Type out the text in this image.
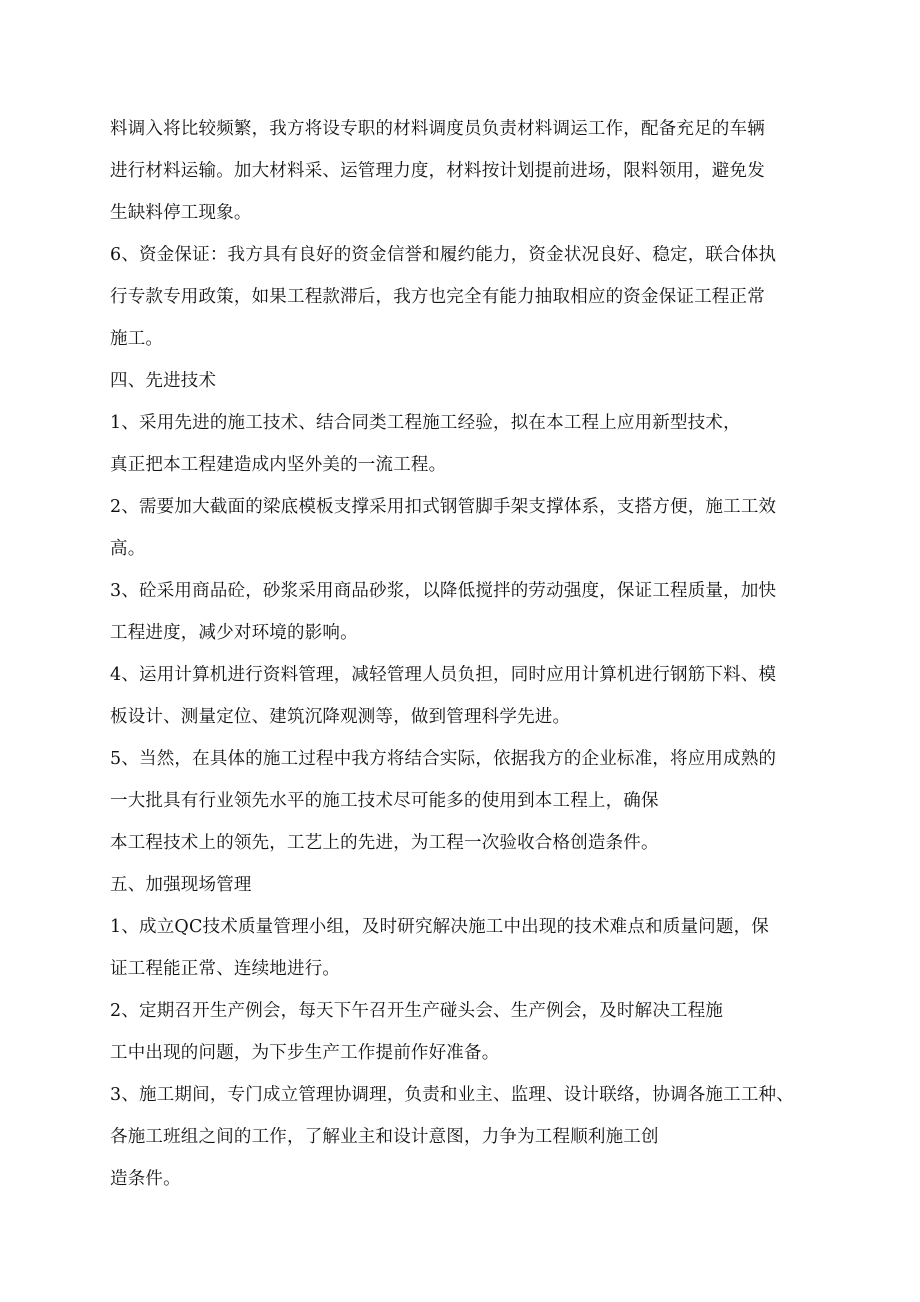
料调入将比较频繁，我方将设专职的材料调度员负责材料调运工作，配备充足的车辆
进行材料运输。加大材料采、运管理力度，材料按计划提前进场，限料领用，避免发
生缺料停工现象。
6、资金保证：我方具有良好的资金信誉和履约能力，资金状况良好、稳定，联合体执
行专款专用政策，如果工程款滞后，我方也完全有能力抽取相应的资金保证工程正常
施工。
四、先进技术
1、采用先进的施工技术、结合同类工程施工经验，拟在本工程上应用新型技术，
真正把本工程建造成内坚外美的一流工程。
2、需要加大截面的梁底模板支撑采用扣式钢管脚手架支撑体系，支搭方便，施工工效
高。
3、砼采用商品砼，砂浆采用商品砂浆，以降低搅拌的劳动强度，保证工程质量，加快
工程进度，减少对环境的影响。
4、运用计算机进行资料管理，减轻管理人员负担，同时应用计算机进行钢筋下料、模
板设计、测量定位、建筑沉降观测等，做到管理科学先进。
5、当然，在具体的施工过程中我方将结合实际，依据我方的企业标准，将应用成熟的
一大批具有行业领先水平的施工技术尽可能多的使用到本工程上，确保
本工程技术上的领先，工艺上的先进，为工程一次验收合格创造条件。
五、加强现场管理
1、成立QC技术质量管理小组，及时研究解决施工中出现的技术难点和质量问题，保
证工程能正常、连续地进行。
2、定期召开生产例会，每天下午召开生产碰头会、生产例会，及时解决工程施
工中出现的问题，为下步生产工作提前作好准备。
3、施工期间，专门成立管理协调理，负责和业主、监理、设计联络，协调各施工工种、
各施工班组之间的工作，了解业主和设计意图，力争为工程顺利施工创
造条件。
